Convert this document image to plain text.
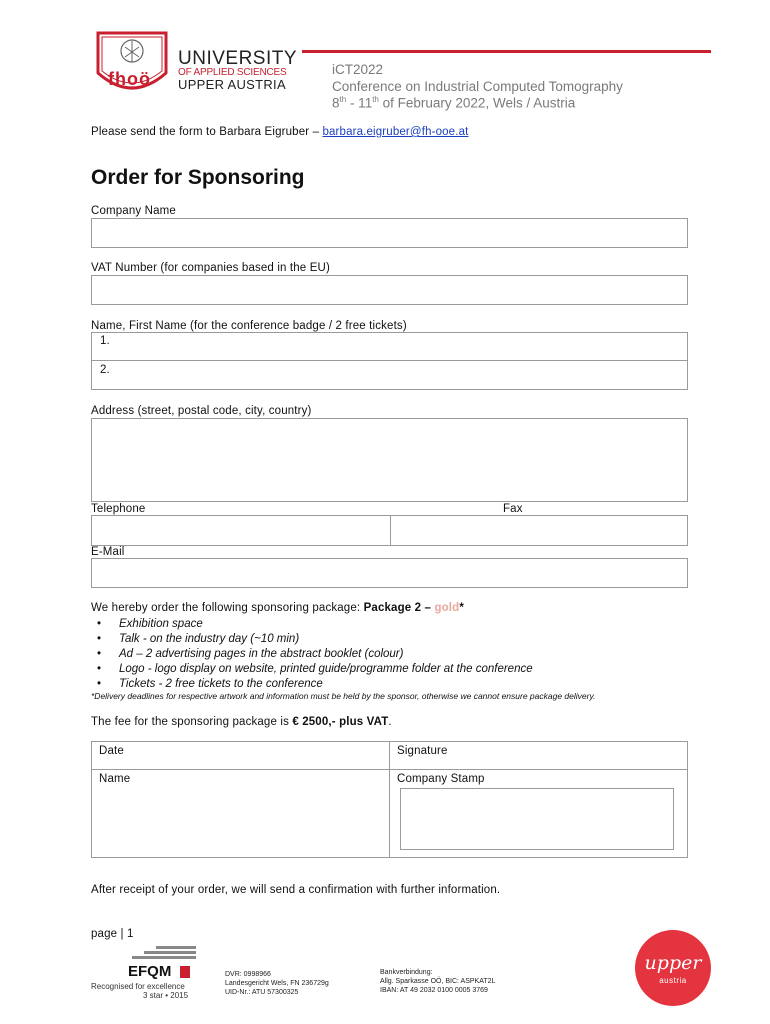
fhoö
UNIVERSITY
OF APPLIED SCIENCES
UPPER AUSTRIA
iCT2022
Conference on Industrial Computed Tomography
8th - 11th of February 2022, Wels / Austria
Please send the form to Barbara Eigruber – barbara.eigruber@fh-ooe.at
Order for Sponsoring
Company Name
VAT Number (for companies based in the EU)
Name, First Name (for the conference badge / 2 free tickets)
1.
2.
Address (street, postal code, city, country)
Telephone	Fax
E-Mail
We hereby order the following sponsoring package: Package 2 – gold*
• Exhibition space
• Talk - on the industry day (~10 min)
• Ad – 2 advertising pages in the abstract booklet (colour)
• Logo - logo display on website, printed guide/programme folder at the conference
• Tickets - 2 free tickets to the conference
*Delivery deadlines for respective artwork and information must be held by the sponsor, otherwise we cannot ensure package delivery.
The fee for the sponsoring package is € 2500,- plus VAT.
Date	Signature
Name	Company Stamp
After receipt of your order, we will send a confirmation with further information.
page | 1
EFQM
Recognised for excellence
3 star • 2015
DVR: 0998966
Landesgericht Wels, FN 236729g
UID-Nr.: ATU 57300325
Bankverbindung:
Allg. Sparkasse OÖ, BIC: ASPKAT2L
IBAN: AT 49 2032 0100 0005 3769
upper
austria
